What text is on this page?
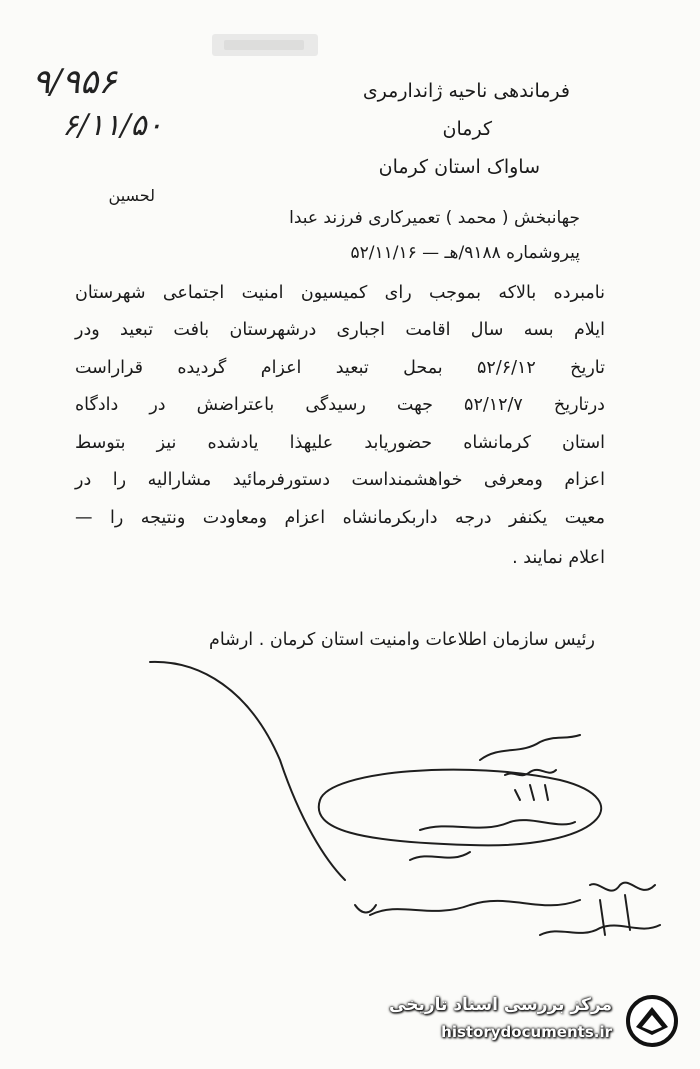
۹/۹۵۶
۶/۱۱/۵۰
فرماندهی ناحیه ژاندارمری
کرمان
ساواک استان کرمان
لحسین
جهانبخش ( محمد ) تعمیرکاری فرزند عبدا
پیروشماره ۹۱۸۸/هـ — ۵۲/۱۱/۱۶
نامبرده بالاکه بموجب رای کمیسیون امنیت اجتماعی شهرستان
ایلام بسه سال اقامت اجباری درشهرستان بافت تبعید ودر
تاریخ ۵۲/۶/۱۲ بمحل تبعید اعزام گردیده قراراست
درتاریخ ۵۲/۱۲/۷ جهت رسیدگی باعتراضش در دادگاه
استان کرمانشاه حضوریابد علیهذا یادشده نیز بتوسط
اعزام ومعرفی خواهشمنداست دستورفرمائید مشارالیه را در
معیت یکنفر درجه داربکرمانشاه اعزام ومعاودت ونتیجه را —
اعلام نمایند .
رئیس سازمان اطلاعات وامنیت استان کرمان . ارشام
مرکز بررسی اسناد تاریخی
historydocuments.ir
